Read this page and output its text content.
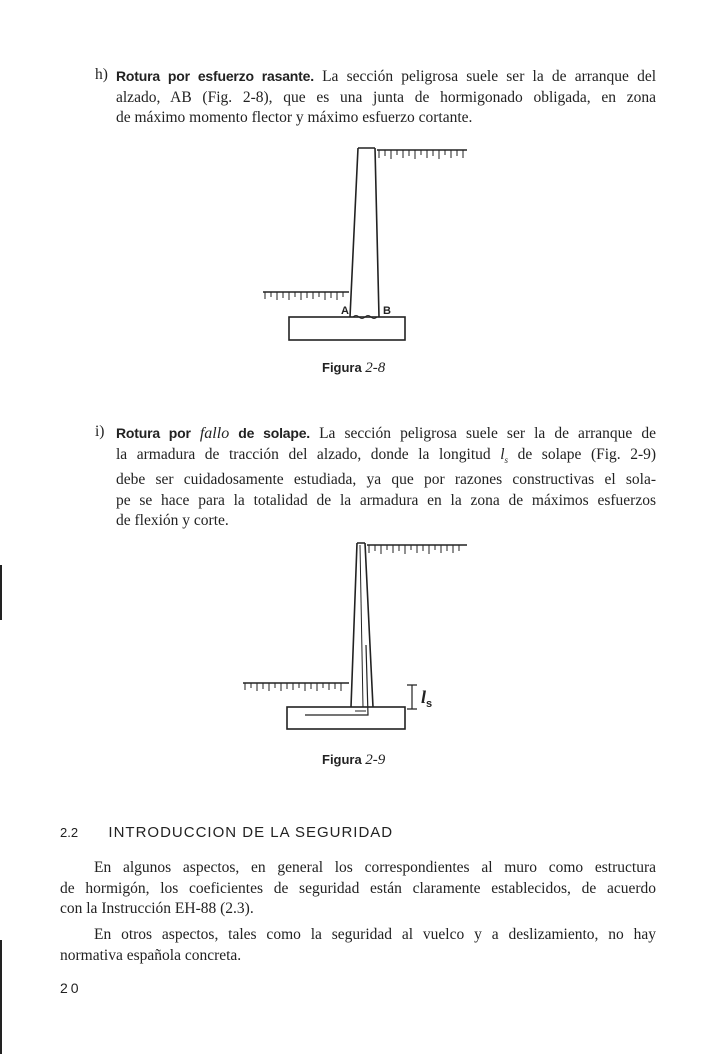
h) Rotura por esfuerzo rasante. La sección peligrosa suele ser la de arranque del
alzado, AB (Fig. 2-8), que es una junta de hormigonado obligada, en zona
de máximo momento flector y máximo esfuerzo cortante.
A	B
Figura 2-8
i) Rotura por fallo de solape. La sección peligrosa suele ser la de arranque de
la armadura de tracción del alzado, donde la longitud $l_s$ de solape (Fig. 2-9)
debe ser cuidadosamente estudiada, ya que por razones constructivas el sola-
pe se hace para la totalidad de la armadura en la zona de máximos esfuerzos
de flexión y corte.
$l_s$
Figura 2-9
2.2 INTRODUCCION DE LA SEGURIDAD
En algunos aspectos, en general los correspondientes al muro como estructura
de hormigón, los coeficientes de seguridad están claramente establecidos, de acuerdo
con la Instrucción EH-88 (2.3).
En otros aspectos, tales como la seguridad al vuelco y a deslizamiento, no hay
normativa española concreta.
20
